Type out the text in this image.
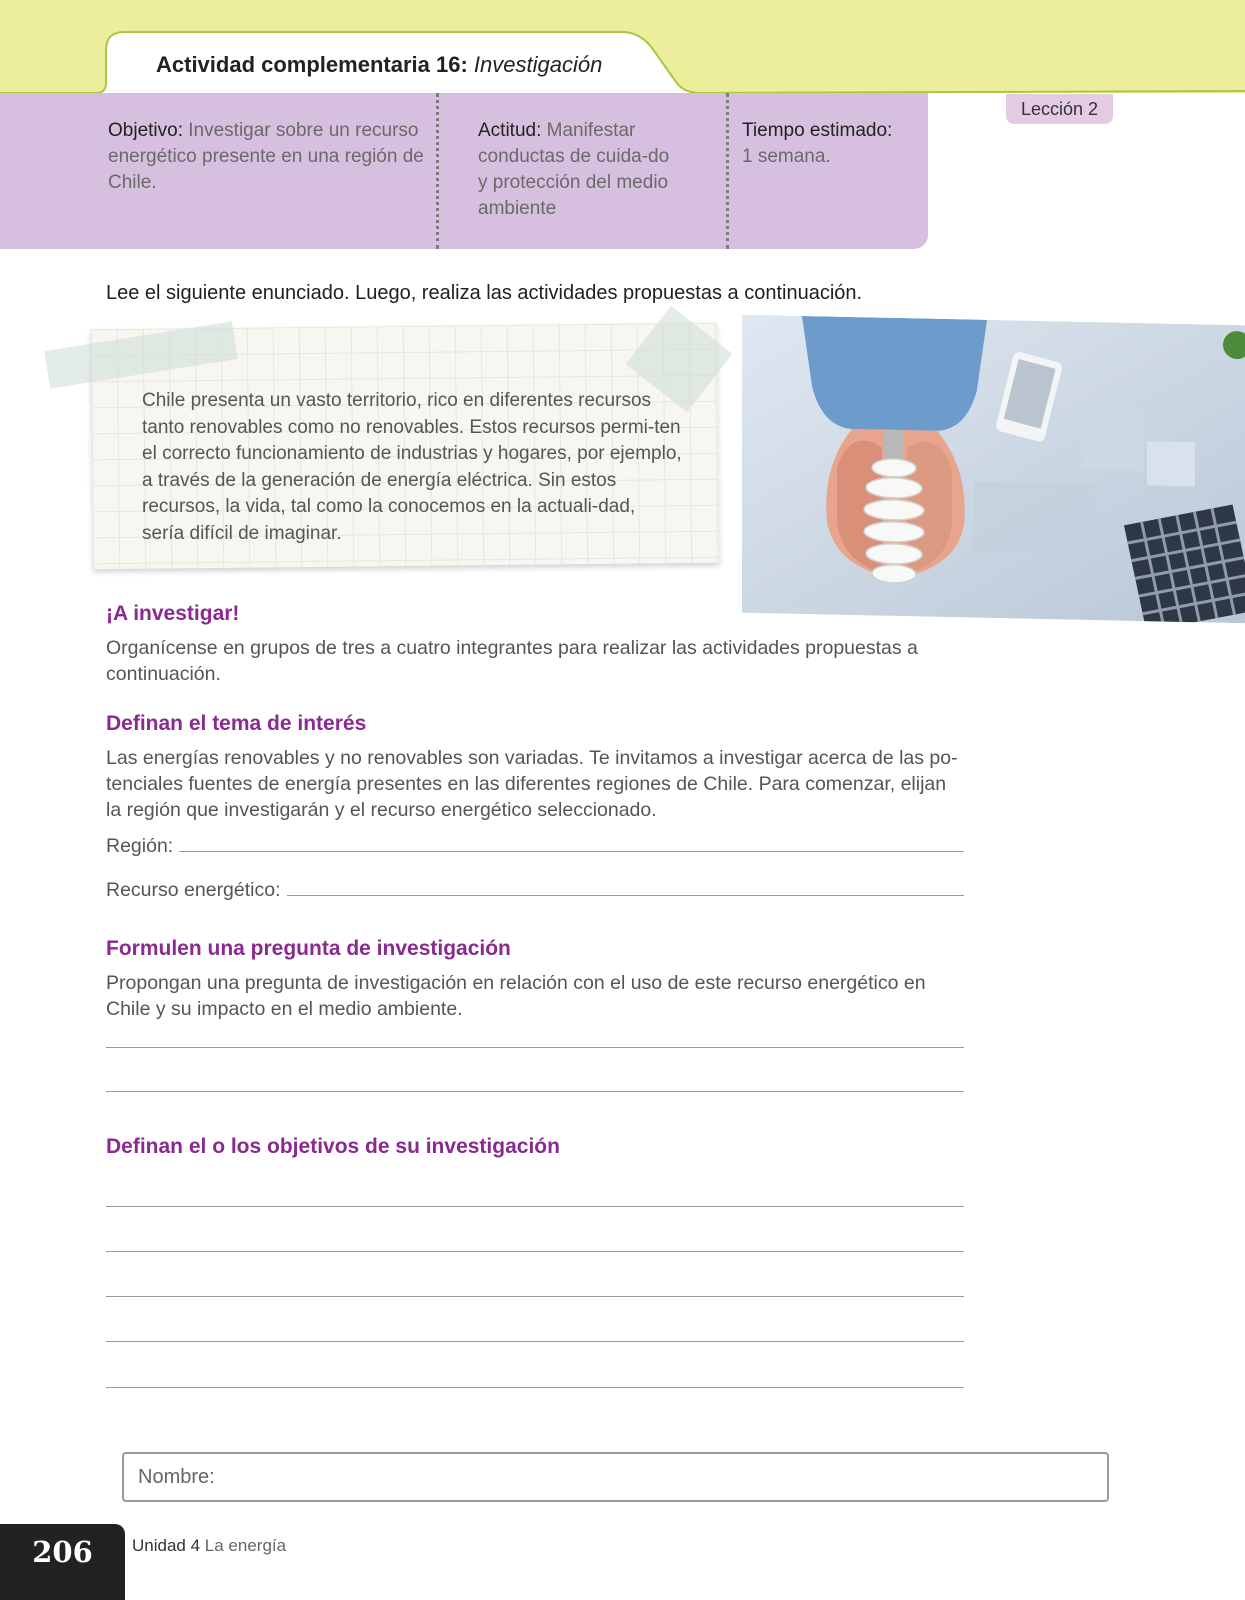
Actividad complementaria 16: Investigación
Objetivo: Investigar sobre un recurso energético presente en una región de Chile.
Actitud: Manifestar conductas de cuida-do y protección del medio ambiente
Tiempo estimado:
1 semana.
Lección 2
Lee el siguiente enunciado. Luego, realiza las actividades propuestas a continuación.
Chile presenta un vasto territorio, rico en diferentes recursos tanto renovables como no renovables. Estos recursos permi-ten el correcto funcionamiento de industrias y hogares, por ejemplo, a través de la generación de energía eléctrica. Sin estos recursos, la vida, tal como la conocemos en la actuali-dad, sería difícil de imaginar.
¡A investigar!
Organícense en grupos de tres a cuatro integrantes para realizar las actividades propuestas a continuación.
Definan el tema de interés
Las energías renovables y no renovables son variadas. Te invitamos a investigar acerca de las po-tenciales fuentes de energía presentes en las diferentes regiones de Chile. Para comenzar, elijan la región que investigarán y el recurso energético seleccionado.
Región:
Recurso energético:
Formulen una pregunta de investigación
Propongan una pregunta de investigación en relación con el uso de este recurso energético en Chile y su impacto en el medio ambiente.
Definan el o los objetivos de su investigación
Nombre:
206	Unidad 4 La energía
